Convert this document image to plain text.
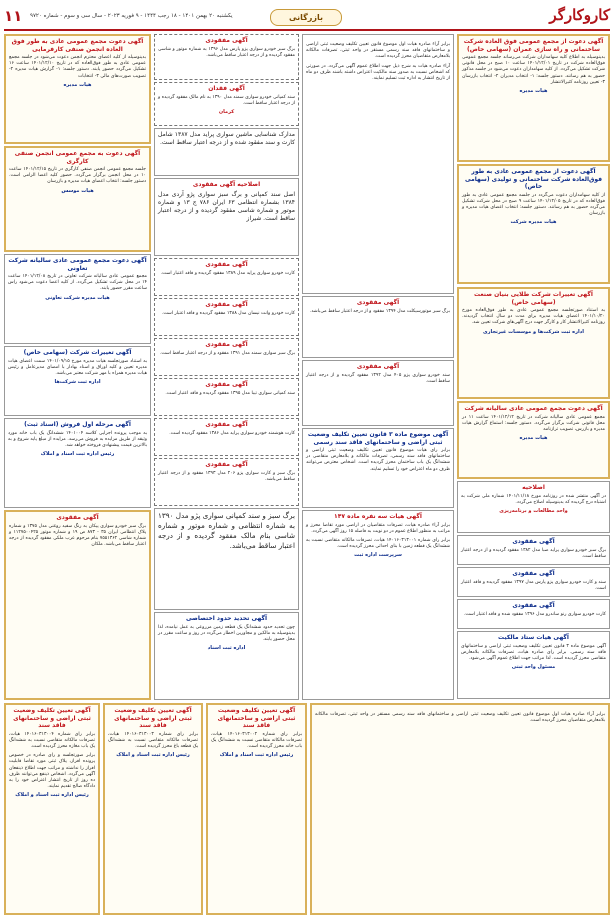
کاروکارگر
بازرگانی
۱۱ یکشنبه ۲۰ بهمن ۱۴۰۱ - ۱۸ رجب ۱۴۴۴ - ۹ فوریه ۲۰۲۳ - سال سی و سوم - شماره ۹۷۲۰
آگهی دعوت از مجمع عمومی فوق العاده شرکت ساختمانی و راه سازی عمران (سهامی خاص)
بدینوسیله به اطلاع کلیه سهامداران شرکت می‌رساند جلسه مجمع عمومی فوق‌العاده شرکت در تاریخ ۱۴۰۱/۱۲/۰۱ ساعت ۱۰ صبح در محل قانونی شرکت تشکیل می‌گردد. از کلیه سهامداران دعوت می‌شود در جلسه مذکور حضور به هم رسانند. دستور جلسه: ۱- انتخاب مدیران ۲- انتخاب بازرسان ۳- تعیین روزنامه کثیرالانتشار
هیات مدیره
آگهی دعوت از مجمع عمومی عادی به طور فوق‌العاده شرکت ساختمانی و تولیدی (سهامی خاص)
از کلیه سهامداران دعوت می‌گردد در جلسه مجمع عمومی عادی به طور فوق‌العاده که در تاریخ ۱۴۰۱/۱۲/۰۵ ساعت ۹ صبح در محل شرکت تشکیل می‌گردد حضور به هم رسانند. دستور جلسه: انتخاب اعضای هیات مدیره و بازرسان
هیات مدیره شرکت
آگهی تغییرات شرکت طلایی بنیان صنعت (سهامی خاص)
به استناد صورتجلسه مجمع عمومی عادی به طور فوق‌العاده مورخ ۱۴۰۱/۱۰/۲۰ اعضای هیات مدیره برای مدت دو سال انتخاب گردیدند. روزنامه کثیرالانتشار کار و کارگر جهت درج آگهی‌های شرکت تعیین شد.
اداره ثبت شرکت‌ها و موسسات غیرتجاری
آگهی دعوت مجمع عمومی عادی سالیانه شرکت
مجمع عمومی عادی سالیانه شرکت در تاریخ ۱۴۰۱/۱۲/۱۲ ساعت ۱۱ در محل قانونی شرکت برگزار می‌گردد. دستور جلسه: استماع گزارش هیات مدیره و بازرس، تصویب ترازنامه
هیات مدیره
اصلاحیه
در آگهی منتشر شده در روزنامه مورخ ۱۴۰۱/۱۱/۱۸ شماره ملی شرکت به اشتباه درج گردیده که بدینوسیله اصلاح می‌گردد.
واحد مطالعات و برنامه‌ریزی
آگهی مفقودی
برگ سبز خودرو سواری پراید صبا مدل ۱۳۸۲ مفقود گردیده و از درجه اعتبار ساقط است.
آگهی مفقودی
سند و کارت خودرو سواری پژو پارس مدل ۱۳۹۷ مفقود گردیده و فاقد اعتبار است.
آگهی مفقودی
کارت خودرو سواری رنو ساندرو مدل ۱۳۹۶ مفقود شده و فاقد اعتبار است.
آگهی هیات ستاد مالکیت
آگهی موضوع ماده ۳ قانون تعیین تکلیف وضعیت ثبتی اراضی و ساختمانهای فاقد سند رسمی. برابر رای صادره هیات، تصرفات مالکانه بلامعارض متقاضی محرز گردیده است. لذا مراتب جهت اطلاع عموم آگهی می‌شود.
مسئول واحد ثبتی
برابر آراء صادره هیات اول موضوع قانون تعیین تکلیف وضعیت ثبتی اراضی و ساختمانهای فاقد سند رسمی مستقر در واحد ثبتی، تصرفات مالکانه بلامعارض متقاضیان محرز گردیده است.
آراء صادره هیات به شرح ذیل جهت اطلاع عموم آگهی می‌گردد. در صورتی که اشخاص نسبت به صدور سند مالکیت اعتراض داشته باشند ظرف دو ماه از تاریخ انتشار به اداره ثبت تسلیم نمایند.
آگهی مفقودی
برگ سبز موتورسیکلت مدل ۱۳۹۴ مفقود و از درجه اعتبار ساقط می‌باشد.
آگهی مفقودی
سند خودرو سواری پژو ۴۰۵ مدل ۱۳۹۲ مفقود گردیده و از درجه اعتبار ساقط است.
آگهی موضوع ماده ۳ قانون تعیین تکلیف وضعیت ثبتی اراضی و ساختمانهای فاقد سند رسمی
برابر رای هیات موضوع قانون تعیین تکلیف وضعیت ثبتی اراضی و ساختمانهای فاقد سند رسمی، تصرفات مالکانه و بلامعارض متقاضی در ششدانگ یک باب ساختمان محرز گردیده است. اشخاص معترض می‌توانند ظرف دو ماه اعتراض خود را تسلیم نمایند.
آگهی هیات سه نفره ماده ۱۴۷
برابر آراء صادره هیات، تصرفات متقاضیان در اراضی مورد تقاضا محرز و مراتب به منظور اطلاع عموم در دو نوبت به فاصله ۱۵ روز آگهی می‌گردد.
برابر رای شماره ۱۴۰۱۶۰۳۱۳۰۰۱ هیات، تصرفات مالکانه متقاضی نسبت به ششدانگ یک قطعه زمین با بنای احداثی محرز گردیده است.
سرپرست اداره ثبت
آگهی مفقودی
برگ سبز خودرو سواری پژو پارس مدل ۱۳۹۶ به شماره موتور و شاسی مفقود گردیده و از درجه اعتبار ساقط می‌باشد.
آگهی فقدان
سند کمپانی خودرو سواری سمند مدل ۱۳۹۰ به نام مالک مفقود گردیده و از درجه اعتبار ساقط است.
کرمان
مدارک شناسایی ماشین سواری پراید مدل ۱۳۸۷ شامل کارت و سند مفقود شده و از درجه اعتبار ساقط است.
اصلاحیه آگهی مفقودی
اصل سند کمپانی و برگ سبز سواری پژو آردی مدل ۱۳۸۴ بشماره انتظامی ۶۳ ایران ۷۸۶ ج ۱۳ و شماره موتور و شماره شاسی مفقود گردیده و از درجه اعتبار ساقط است. شیراز
آگهی مفقودی
کارت خودرو سواری پراید مدل ۱۳۸۹ مفقود گردیده و فاقد اعتبار است.
آگهی مفقودی
کارت خودرو وانت نیسان مدل ۱۳۸۸ مفقود گردیده و فاقد اعتبار است.
آگهی مفقودی
برگ سبز سواری سمند مدل ۱۳۹۱ مفقود و از درجه اعتبار ساقط است.
آگهی مفقودی
سند کمپانی سواری تیبا مدل ۱۳۹۵ مفقود گردیده و فاقد اعتبار است.
آگهی مفقودی
کارت هوشمند خودرو سواری پراید مدل ۱۳۸۶ مفقود گردیده است.
آگهی مفقودی
برگ سبز و کارت سواری پژو ۲۰۶ مدل ۱۳۹۳ مفقود و از درجه اعتبار ساقط می‌باشد.
برگ سبز و سند کمپانی سواری پژو مدل ۱۳۹۰ به شماره انتظامی و شماره موتور و شماره شاسی بنام مالک مفقود گردیده و از درجه اعتبار ساقط می‌باشد.
آگهی تحدید حدود اختصاصی
چون تحدید حدود ششدانگ یک قطعه زمین مزروعی به عمل نیامده، لذا بدینوسیله به مالکین و مجاورین اخطار می‌گردد در روز و ساعت مقرر در محل حضور یابند.
اداره ثبت اسناد
آگهی دعوت مجمع عمومی عادی به طور فوق العاده انجمن صنفی کارفرمایی
بدینوسیله از کلیه اعضای محترم انجمن دعوت می‌شود در جلسه مجمع عمومی عادی به طور فوق‌العاده که در تاریخ ۱۴۰۱/۱۲/۱۰ ساعت ۱۶ تشکیل می‌گردد حضور یابند. دستور جلسه: ۱- گزارش هیات مدیره ۲- تصویب صورت‌های مالی ۳- انتخابات
هیات مدیره
آگهی دعوت به مجمع عمومی انجمن صنفی کارگری
جلسه مجمع عمومی انجمن صنفی کارگری در تاریخ ۱۴۰۱/۱۲/۱۵ ساعت ۱۰ در محل انجمن برگزار می‌گردد. حضور کلیه اعضا الزامی است. دستور جلسه: انتخاب اعضای هیات مدیره و بازرسان
هیات موسس
آگهی دعوت مجمع عمومی عادی سالیانه شرکت تعاونی
مجمع عمومی عادی سالیانه شرکت تعاونی در تاریخ ۱۴۰۱/۱۲/۰۸ ساعت ۱۴ در محل شرکت تشکیل می‌گردد. از کلیه اعضا دعوت می‌شود راس ساعت مقرر حضور یابند.
هیات مدیره شرکت تعاونی
آگهی تغییرات شرکت (سهامی خاص)
به استناد صورتجلسه هیات مدیره مورخ ۱۴۰۱/۰۹/۱۵ سمت اعضای هیات مدیره تعیین و کلیه اوراق و اسناد بهادار با امضای مدیرعامل و رئیس هیات مدیره همراه با مهر شرکت معتبر می‌باشد.
اداره ثبت شرکت‌ها
آگهی مرحله اول فروش (اسناد ثبت)
به موجب پرونده اجرایی کلاسه ۱۴۰۱۰۰۴ ششدانگ یک باب خانه مورد وثیقه از طریق مزایده به فروش می‌رسد. مزایده از مبلغ پایه شروع و به بالاترین قیمت پیشنهادی فروخته خواهد شد.
رئیس اداره ثبت اسناد و املاک
آگهی مفقودی
برگ سبز خودرو سواری پیکان به رنگ سفید روغنی مدل ۱۳۷۵ و شماره پلاک انتظامی ایران ۳۵ - ۸۷۳ ص ۱۹ و شماره موتور ۱۱۲۷۵۰۰۴۲۵ و شماره شاسی ۷۵۵۱۳۶۲ بنام مرحوم عرب ملکی مفقود گردیده از درجه اعتبار ساقط می‌باشد. ملکان
برابر آراء صادره هیات اول موضوع قانون تعیین تکلیف وضعیت ثبتی اراضی و ساختمانهای فاقد سند رسمی مستقر در واحد ثبتی، تصرفات مالکانه بلامعارض متقاضیان محرز گردیده است.
آگهی تعیین تکلیف وضعیت ثبتی اراضی و ساختمانهای فاقد سند
برابر رای شماره ۱۴۰۱۶۰۳۱۳۰۰۲ هیات، تصرفات مالکانه متقاضی نسبت به ششدانگ یک باب خانه محرز گردیده است.
رئیس اداره ثبت اسناد و املاک
آگهی تعیین تکلیف وضعیت ثبتی اراضی و ساختمانهای فاقد سند
برابر رای شماره ۱۴۰۱۶۰۳۱۳۰۰۳ هیات، تصرفات مالکانه متقاضی نسبت به ششدانگ یک قطعه باغ محرز گردیده است.
رئیس اداره ثبت اسناد و املاک
آگهی تعیین تکلیف وضعیت ثبتی اراضی و ساختمانهای فاقد سند
برابر رای شماره ۱۴۰۱۶۰۳۱۳۰۰۴ هیات، تصرفات مالکانه متقاضی نسبت به ششدانگ یک باب مغازه محرز گردیده است.
برابر صورتجلسه و رای صادره در خصوص پرونده افراز، پلاک ثبتی مورد تقاضا قابلیت افراز را نداشته و مراتب جهت اطلاع ذینفعان آگهی می‌گردد. اشخاص ذینفع می‌توانند ظرف ده روز از تاریخ انتشار اعتراض خود را به دادگاه صالح تقدیم نمایند.
رئیس اداره ثبت اسناد و املاک
